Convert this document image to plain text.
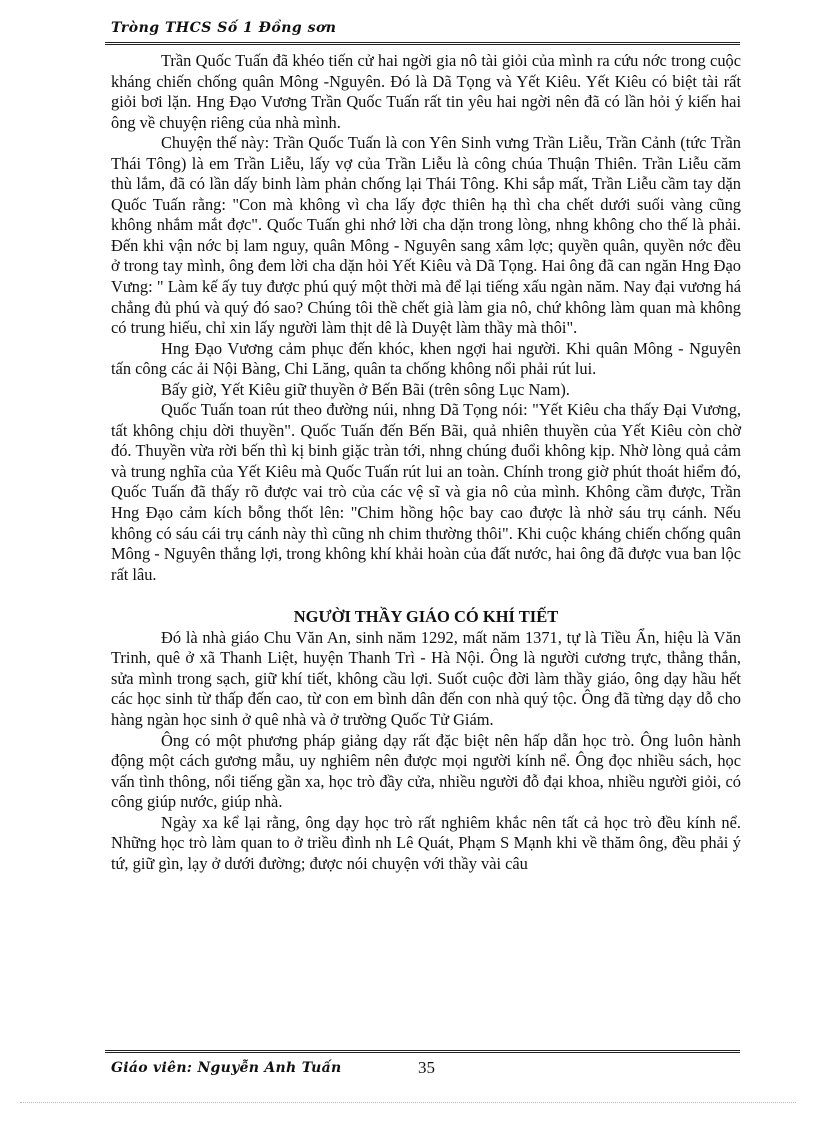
Tròng THCS Số 1 Đồng sơn

Trần Quốc Tuấn đã khéo tiến cử hai ngời gia nô tài giỏi của mình ra cứu nớc trong cuộc kháng chiến chống quân Mông -Nguyên. Đó là Dã Tọng và Yết Kiêu. Yết Kiêu có biệt tài rất giỏi bơi lặn. Hng Đạo Vương Trần Quốc Tuấn rất tin yêu hai ngời nên đã có lần hỏi ý kiến hai ông về chuyện riêng của nhà mình.

Chuyện thế này: Trần Quốc Tuấn là con Yên Sinh vưng Trần Liễu, Trần Cảnh (tức Trần Thái Tông) là em Trần Liễu, lấy vợ của Trần Liễu là công chúa Thuận Thiên. Trần Liễu căm thù lắm, đã có lần dấy binh làm phản chống lại Thái Tông. Khi sắp mất, Trần Liễu cầm tay dặn Quốc Tuấn rằng: "Con mà không vì cha lấy đợc thiên hạ thì cha chết dưới suối vàng cũng không nhắm mắt đợc". Quốc Tuấn ghi nhớ lời cha dặn trong lòng, nhng không cho thế là phải. Đến khi vận nớc bị lam nguy, quân Mông - Nguyên sang xâm lợc; quyền quân, quyền nớc đều ở trong tay mình, ông đem lời cha dặn hỏi Yết Kiêu và Dã Tọng. Hai ông đã can ngăn Hng Đạo Vưng: " Làm kế ấy tuy được phú quý một thời mà để lại tiếng xấu ngàn năm. Nay đại vương há chẳng đủ phú và quý đó sao? Chúng tôi thề chết già làm gia nô, chứ không làm quan mà không có trung hiếu, chỉ xin lấy người làm thịt dê là Duyệt làm thầy mà thôi".

Hng Đạo Vương cảm phục đến khóc, khen ngợi hai người. Khi quân Mông - Nguyên tấn công các ải Nội Bàng, Chi Lăng, quân ta chống không nổi phải rút lui.

Bấy giờ, Yết Kiêu giữ thuyền ở Bến Bãi (trên sông Lục Nam).

Quốc Tuấn toan rút theo đường núi, nhng Dã Tọng nói: "Yết Kiêu cha thấy Đại Vương, tất không chịu dời thuyền". Quốc Tuấn đến Bến Bãi, quả nhiên thuyền của Yết Kiêu còn chờ đó. Thuyền vừa rời bến thì kị binh giặc tràn tới, nhng chúng đuổi không kịp. Nhờ lòng quả cảm và trung nghĩa của Yết Kiêu mà Quốc Tuấn rút lui an toàn. Chính trong giờ phút thoát hiểm đó, Quốc Tuấn đã thấy rõ được vai trò của các vệ sĩ và gia nô của mình. Không cầm được, Trần Hng Đạo cảm kích bỗng thốt lên: "Chim hồng hộc bay cao được là nhờ sáu trụ cánh. Nếu không có sáu cái trụ cánh này thì cũng nh chim thường thôi". Khi cuộc kháng chiến chống quân Mông - Nguyên thắng lợi, trong không khí khải hoàn của đất nước, hai ông đã được vua ban lộc rất lâu.

NGƯỜI THẦY GIÁO CÓ KHÍ TIẾT

Đó là nhà giáo Chu Văn An, sinh năm 1292, mất năm 1371, tự là Tiều Ẩn, hiệu là Văn Trinh, quê ở xã Thanh Liệt, huyện Thanh Trì - Hà Nội. Ông là người cương trực, thẳng thắn, sửa mình trong sạch, giữ khí tiết, không cầu lợi. Suốt cuộc đời làm thầy giáo, ông dạy hầu hết các học sinh từ thấp đến cao, từ con em bình dân đến con nhà quý tộc. Ông đã từng dạy dỗ cho hàng ngàn học sinh ở quê nhà và ở trường Quốc Tử Giám.

Ông có một phương pháp giảng dạy rất đặc biệt nên hấp dẫn học trò. Ông luôn hành động một cách gương mẫu, uy nghiêm nên được mọi người kính nể. Ông đọc nhiều sách, học vấn tình thông, nổi tiếng gần xa, học trò đầy cửa, nhiều người đỗ đại khoa, nhiều người giỏi, có công giúp nước, giúp nhà.

Ngày xa kể lại rằng, ông dạy học trò rất nghiêm khắc nên tất cả học trò đều kính nể. Những học trò làm quan to ở triều đình nh Lê Quát, Phạm S Mạnh khi về thăm ông, đều phải ý tứ, giữ gìn, lạy ở dưới đường; được nói chuyện với thầy vài câu

Giáo viên: Nguyễn Anh Tuấn	35
